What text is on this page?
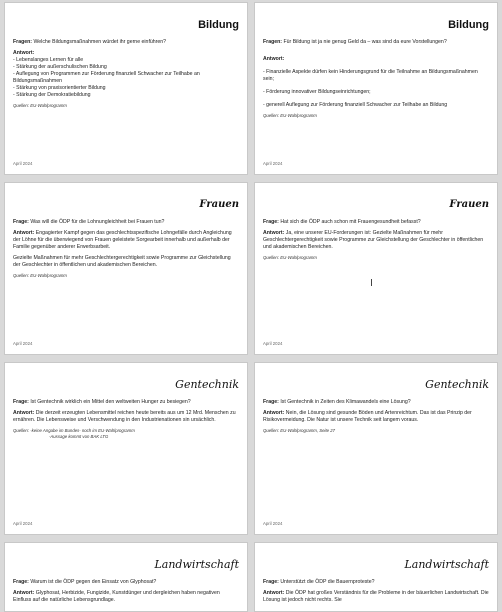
Bildung

Fragen: Welche Bildungsmaßnahmen würdet ihr gerne einführen?

Antwort:
- Lebenslanges Lernen für alle
- Stärkung der außerschulischen Bildung
- Auflegung von Programmen zur Förderung finanziell Schwacher zur Teilhabe an Bildungsmaßnahmen
- Stärkung von praxisorientierter Bildung
- Stärkung der Demokratiebildung
Quellen: EU-Wahlprogramm
April 2024
Bildung

Fragen: Für Bildung ist ja nie genug Geld da – was sind da eure Vorstellungen?

Antwort:
- Finanzielle Aspekte dürfen kein Hinderungsgrund für die Teilnahme an Bildungsmaßnahmen sein;
- Förderung innovativer Bildungseinrichtungen;
- generell Auflegung zur Förderung finanziell Schwacher zur Teilhabe an Bildung
Quellen: EU-Wahlprogramm
April 2024
Frauen

Frage: Was will die ÖDP für die Lohnungleichheit bei Frauen tun?

Antwort: Engagierter Kampf gegen das geschlechtsspezifische Lohngefälle durch Angleichung der Löhne für die überwiegend von Frauen geleistete Sorgearbeit innerhalb und außerhalb der Familie gegenüber anderer Erwerbsarbeit.

Gezielte Maßnahmen für mehr Geschlechtergerechtigkeit sowie Programme zur Gleichstellung der Geschlechter in öffentlichen und akademischen Bereichen.

Quellen: EU-Wahlprogramm
April 2024
Frauen

Frage: Hat sich die ÖDP auch schon mit Frauengesundheit befasst?

Antwort: Ja, eine unserer EU-Forderungen ist: Gezielte Maßnahmen für mehr Geschlechtergerechtigkeit sowie Programme zur Gleichstellung der Geschlechter in öffentlichen und akademischen Bereichen.

Quellen: EU-Wahlprogramm
April 2024
Gentechnik

Frage: Ist Gentechnik wirklich ein Mittel den weltweiten Hunger zu besiegen?

Antwort: Die derzeit erzeugten Lebensmittel reichen heute bereits aus um 12 Mrd. Menschen zu ernähren. Die Lebensweise und Verschwendung in den Industrienationen sin ursächlich.

Quellen: -keine Angabe im Bundes- noch im EU-Wahlprogramm
-Aussage kommt von BAK LTG
April 2024
Gentechnik

Frage: Ist Gentechnik in Zeiten des Klimawandels eine Lösung?

Antwort: Nein, die Lösung sind gesunde Böden und Artenreichtum. Das ist das Prinzip der Risikovermeidung. Die Natur ist unsere Technik seit langem voraus.

Quellen: EU-Wahlprogramm, Seite 27
April 2024
Landwirtschaft

Frage: Warum ist die ÖDP gegen den Einsatz von Glyphosat?

Antwort: Glyphosat, Herbizide, Fungizide, Kunstdünger und dergleichen haben negativen Einfluss auf die natürliche Lebensgrundlage.

Landwirtschaft

Frage: Unterstützt die ÖDP die Bauernproteste?

Antwort: Die ÖDP hat großes Verständnis für die Probleme in der bäuerlichen Landwirtschaft. Die Lösung ist jedoch nicht rechts. Sie
